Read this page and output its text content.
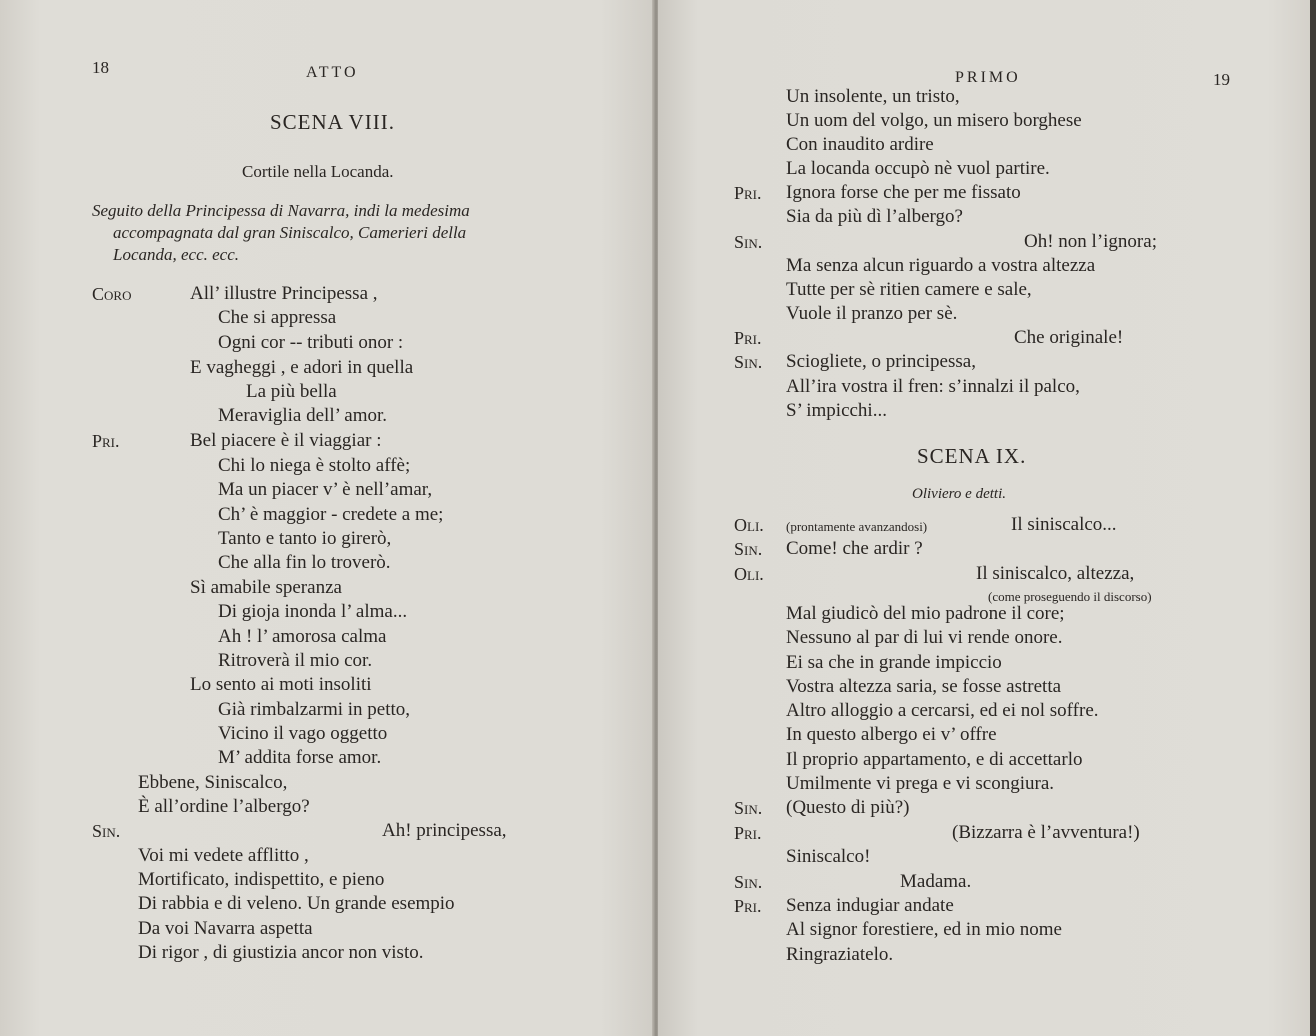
18	ATTO
SCENA VIII.
Cortile nella Locanda.
Seguito della Principessa di Navarra, indi la medesima
accompagnata dal gran Siniscalco, Camerieri della
Locanda, ecc. ecc.
Coro	All’ illustre Principessa ,
Che si appressa
Ogni cor -- tributi onor :
E vagheggi , e adori in quella
La più bella
Meraviglia dell’ amor.
Pri.	Bel piacere è il viaggiar :
Chi lo niega è stolto affè;
Ma un piacer v’ è nell’amar,
Ch’ è maggior - credete a me;
Tanto e tanto io girerò,
Che alla fin lo troverò.
Sì amabile speranza
Di gioja inonda l’ alma...
Ah ! l’ amorosa calma
Ritroverà il mio cor.
Lo sento ai moti insoliti
Già rimbalzarmi in petto,
Vicino il vago oggetto
M’ addita forse amor.
Ebbene, Siniscalco,
È all’ordine l’albergo?
Sin.	Ah! principessa,
Voi mi vedete afflitto ,
Mortificato, indispettito, e pieno
Di rabbia e di veleno. Un grande esempio
Da voi Navarra aspetta
Di rigor , di giustizia ancor non visto.
PRIMO	19
Un insolente, un tristo,
Un uom del volgo, un misero borghese
Con inaudito ardire
La locanda occupò nè vuol partire.
Pri. Ignora forse che per me fissato
Sia da più dì l’albergo?
Sin.	Oh! non l’ignora;
Ma senza alcun riguardo a vostra altezza
Tutte per sè ritien camere e sale,
Vuole il pranzo per sè.
Pri.	Che originale!
Sin. Sciogliete, o principessa,
All’ira vostra il fren: s’innalzi il palco,
S’ impicchi...
SCENA IX.
Oliviero e detti.
Oli. (prontamente avanzandosi)	Il siniscalco...
Sin. Come! che ardir ?
Oli.	Il siniscalco, altezza,
(come proseguendo il discorso)
Mal giudicò del mio padrone il core;
Nessuno al par di lui vi rende onore.
Ei sa che in grande impiccio
Vostra altezza saria, se fosse astretta
Altro alloggio a cercarsi, ed ei nol soffre.
In questo albergo ei v’ offre
Il proprio appartamento, e di accettarlo
Umilmente vi prega e vi scongiura.
Sin. (Questo di più?)
Pri.	(Bizzarra è l’avventura!)
Siniscalco!
Sin.	Madama.
Pri. Senza indugiar andate
Al signor forestiere, ed in mio nome
Ringraziatelo.
